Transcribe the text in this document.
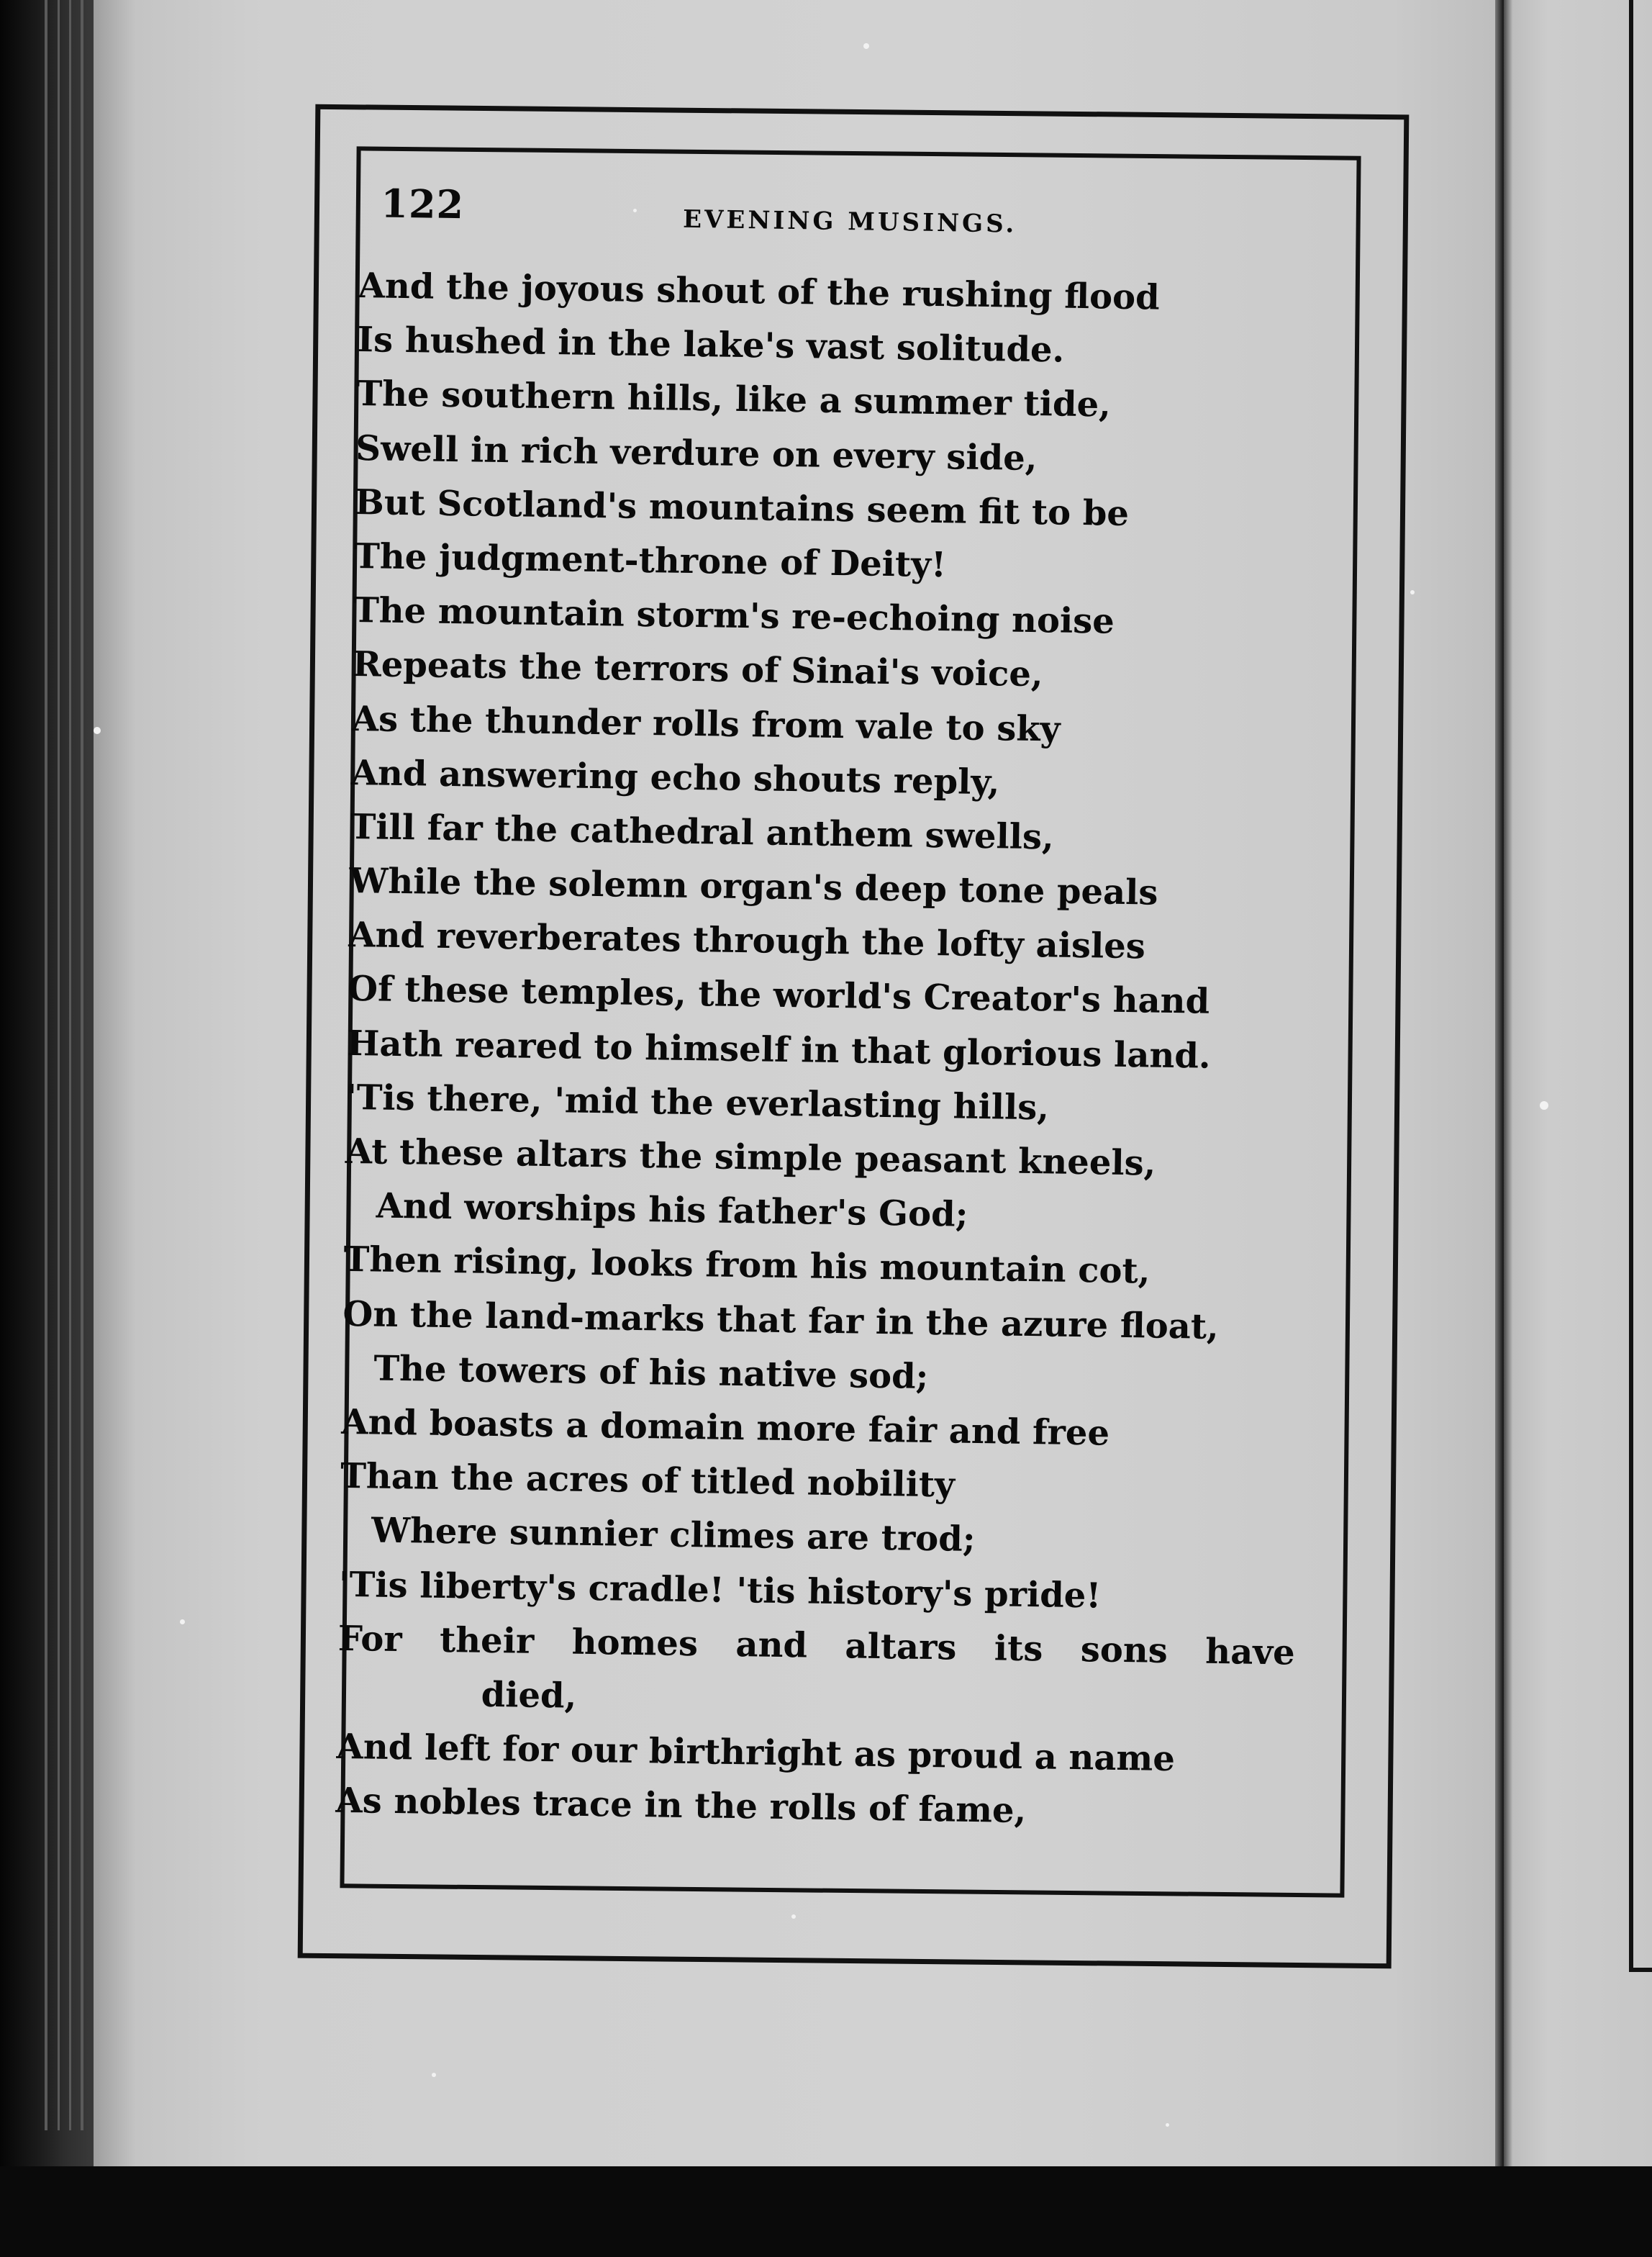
122	EVENING MUSINGS.
And the joyous shout of the rushing flood
Is hushed in the lake's vast solitude.
The southern hills, like a summer tide,
Swell in rich verdure on every side,
But Scotland's mountains seem fit to be
The judgment-throne of Deity!
The mountain storm's re-echoing noise
Repeats the terrors of Sinai's voice,
As the thunder rolls from vale to sky
And answering echo shouts reply,
Till far the cathedral anthem swells,
While the solemn organ's deep tone peals
And reverberates through the lofty aisles
Of these temples, the world's Creator's hand
Hath reared to himself in that glorious land.
'Tis there, 'mid the everlasting hills,
At these altars the simple peasant kneels,
And worships his father's God;
Then rising, looks from his mountain cot,
On the land-marks that far in the azure float,
The towers of his native sod;
And boasts a domain more fair and free
Than the acres of titled nobility
Where sunnier climes are trod;
'Tis liberty's cradle! 'tis history's pride!
For their homes and altars its sons have
died,
And left for our birthright as proud a name
As nobles trace in the rolls of fame,
